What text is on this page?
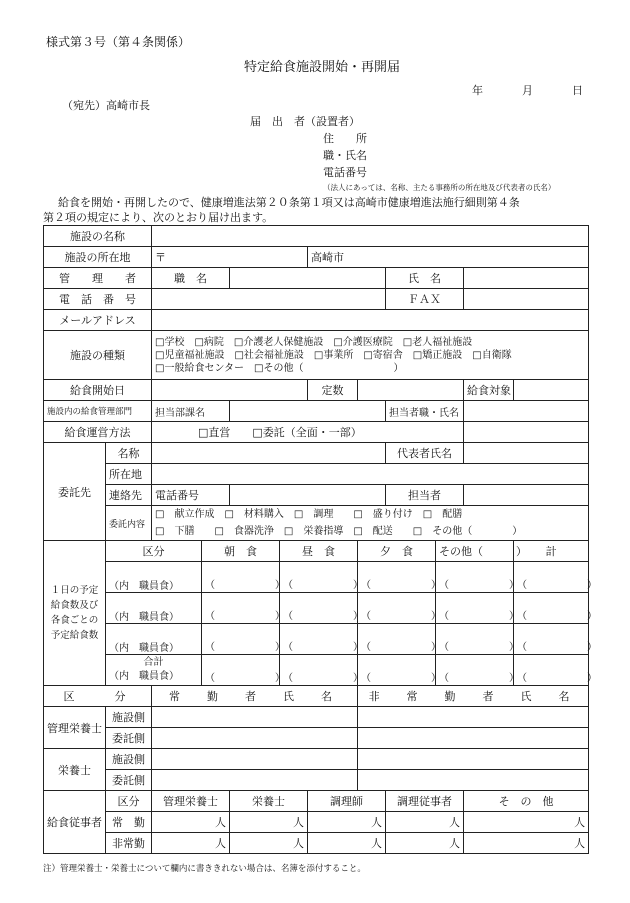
様式第３号（第４条関係）
特定給食施設開始・再開届
年	月	日
（宛先）高崎市長
届　出　者（設置者）
住　　所
職・氏名
電話番号
（法人にあっては、名称、主たる事務所の所在地及び代表者の氏名）
給食を開始・再開したので、健康増進法第２０条第１項又は高崎市健康増進法施行細則第４条
第２項の規定により、次のとおり届け出ます。
施設の名称												
施設の所在地		〒				高崎市						
管　　理　　者		職　名						氏　名				
電　話　番　号								ＦＡＸ				
メールアドレス												
施設の種類		□学校　□病院　□介護老人保健施設　□介護医療院　□老人福祉施設
□児童福祉施設　□社会福祉施設　□事業所　□寄宿舎　□矯正施設　□自衛隊
□一般給食センター　□その他（　　　　　　　　　）										

給食開始日						定数				給食対象		
施設内の給食管理部門		担当部課名						担当者職・氏名				
給食運営方法		□直営　　□委託（全面・一部）										
委託先	名称							代表者氏名				
	所在地											
	連絡先	電話番号						担当者				
	委託内容	□　献立作成　□　材料購入　□　調理　　□　盛り付け　□　配膳
□　下膳　　□　食器洗浄　□　栄養指導　□　配送　　□　その他（　　　　）										

１日の予定
給食数及び
各食ごとの
予定給食数	区分		朝　食		昼　食		夕　食		その他（　　　）		計	
	（内　職員食）		（　　　　　　）		（　　　　　　）		（　　　　　　）		（　　　　　　）		（　　　　　　）	
	（内　職員食）		（　　　　　　）		（　　　　　　）		（　　　　　　）		（　　　　　　）		（　　　　　　）	
	（内　職員食）		（　　　　　　）		（　　　　　　）		（　　　　　　）		（　　　　　　）		（　　　　　　）	

	合計
（内　職員食）		（　　　　　　）		（　　　　　　）		（　　　　　　）		（　　　　　　）		（　　　　　　）	
区　　分		常　勤　者　氏　名					非　常　勤　者　氏　名					
管理栄養士	施設側											
	委託側											
栄養士	施設側											
	委託側											
給食従事者	区分	管理栄養士		栄養士		調理師		調理従事者		そ　の　他	
	常　勤	人		人		人		人		人	
	非常勤	人		人		人		人		人	
注）管理栄養士・栄養士について欄内に書ききれない場合は、名簿を添付すること。
